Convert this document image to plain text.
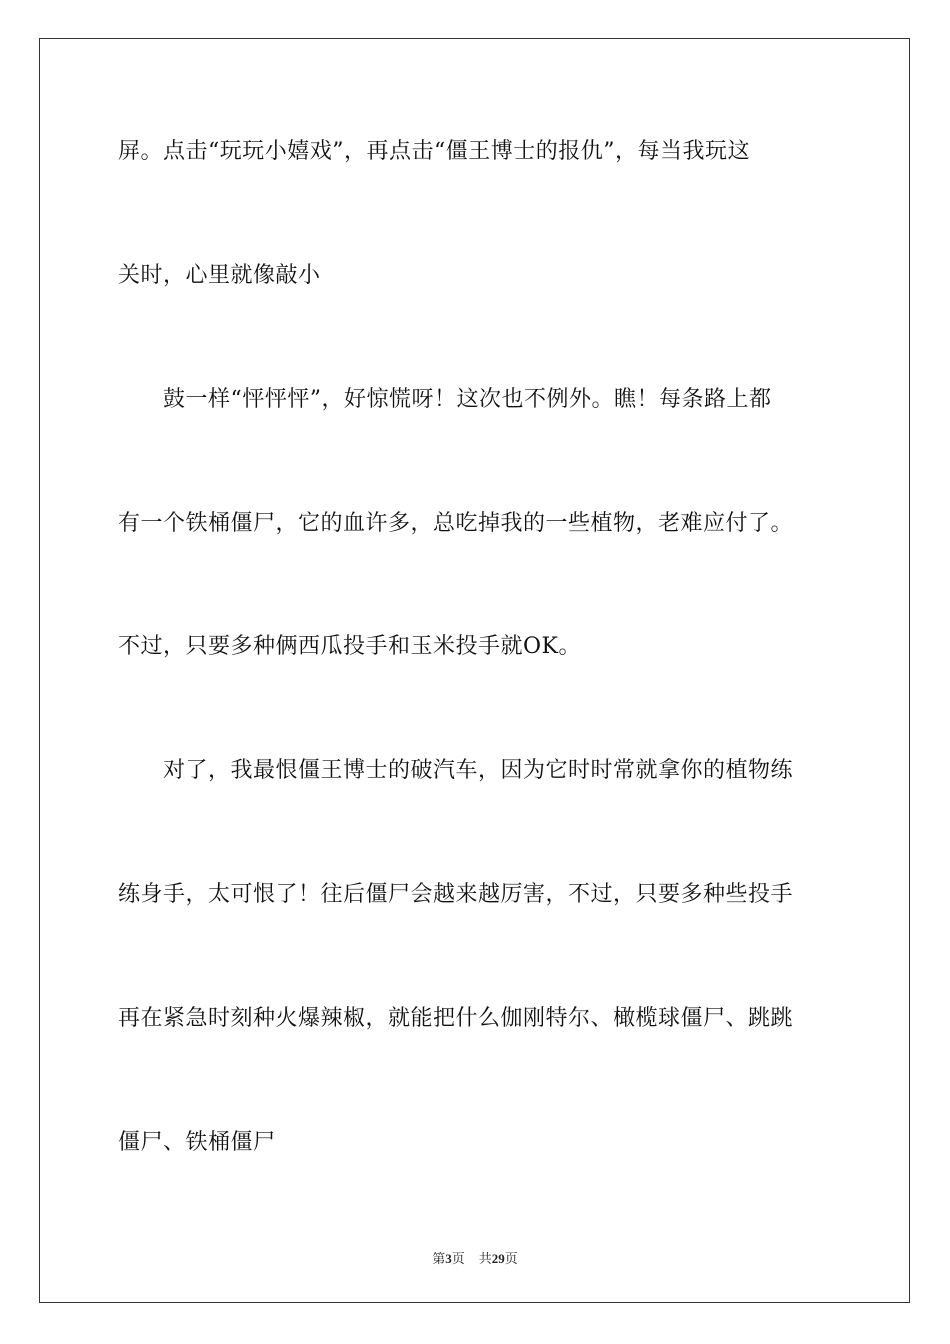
屏。点击“玩玩小嬉戏”，再点击“僵王博士的报仇”，每当我玩这
关时，心里就像敲小
鼓一样“怦怦怦”，好惊慌呀！这次也不例外。瞧！每条路上都
有一个铁桶僵尸，它的血许多，总吃掉我的一些植物，老难应付了。
不过，只要多种俩西瓜投手和玉米投手就OK。
对了，我最恨僵王博士的破汽车，因为它时时常就拿你的植物练
练身手，太可恨了！往后僵尸会越来越厉害，不过，只要多种些投手
再在紧急时刻种火爆辣椒，就能把什么伽刚特尔、橄榄球僵尸、跳跳
僵尸、铁桶僵尸
第3页 共29页
